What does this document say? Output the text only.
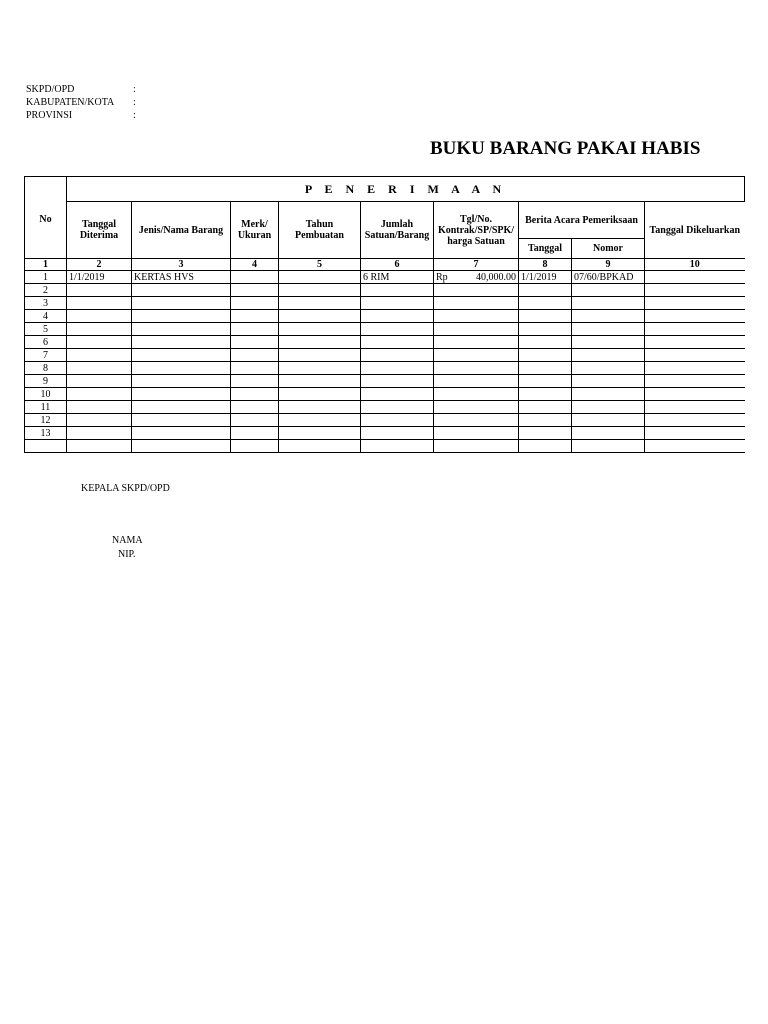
SKPD/OPD	:
KABUPATEN/KOTA	:
PROVINSI	:
BUKU BARANG PAKAI HABIS
No	P E N E R I M A A N									
	Tanggal Diterima	Jenis/Nama Barang	Merk/ Ukuran	Tahun Pembuatan	Jumlah Satuan/Barang	Tgl/No. Kontrak/SP/SPK/ harga Satuan	Berita Acara Pemeriksaan		Tanggal Dikeluarkan	
							Tanggal	Nomor		
1	2	3	4	5	6	7	8	9	10	
1	1/1/2019	KERTAS HVS			6 RIM	Rp 40,000.00	1/1/2019	07/60/BPKAD		
2										
3										
4										
5										
6										
7										
8										
9										
10										
11										
12										
13										

KEPALA SKPD/OPD
NAMA
NIP.
